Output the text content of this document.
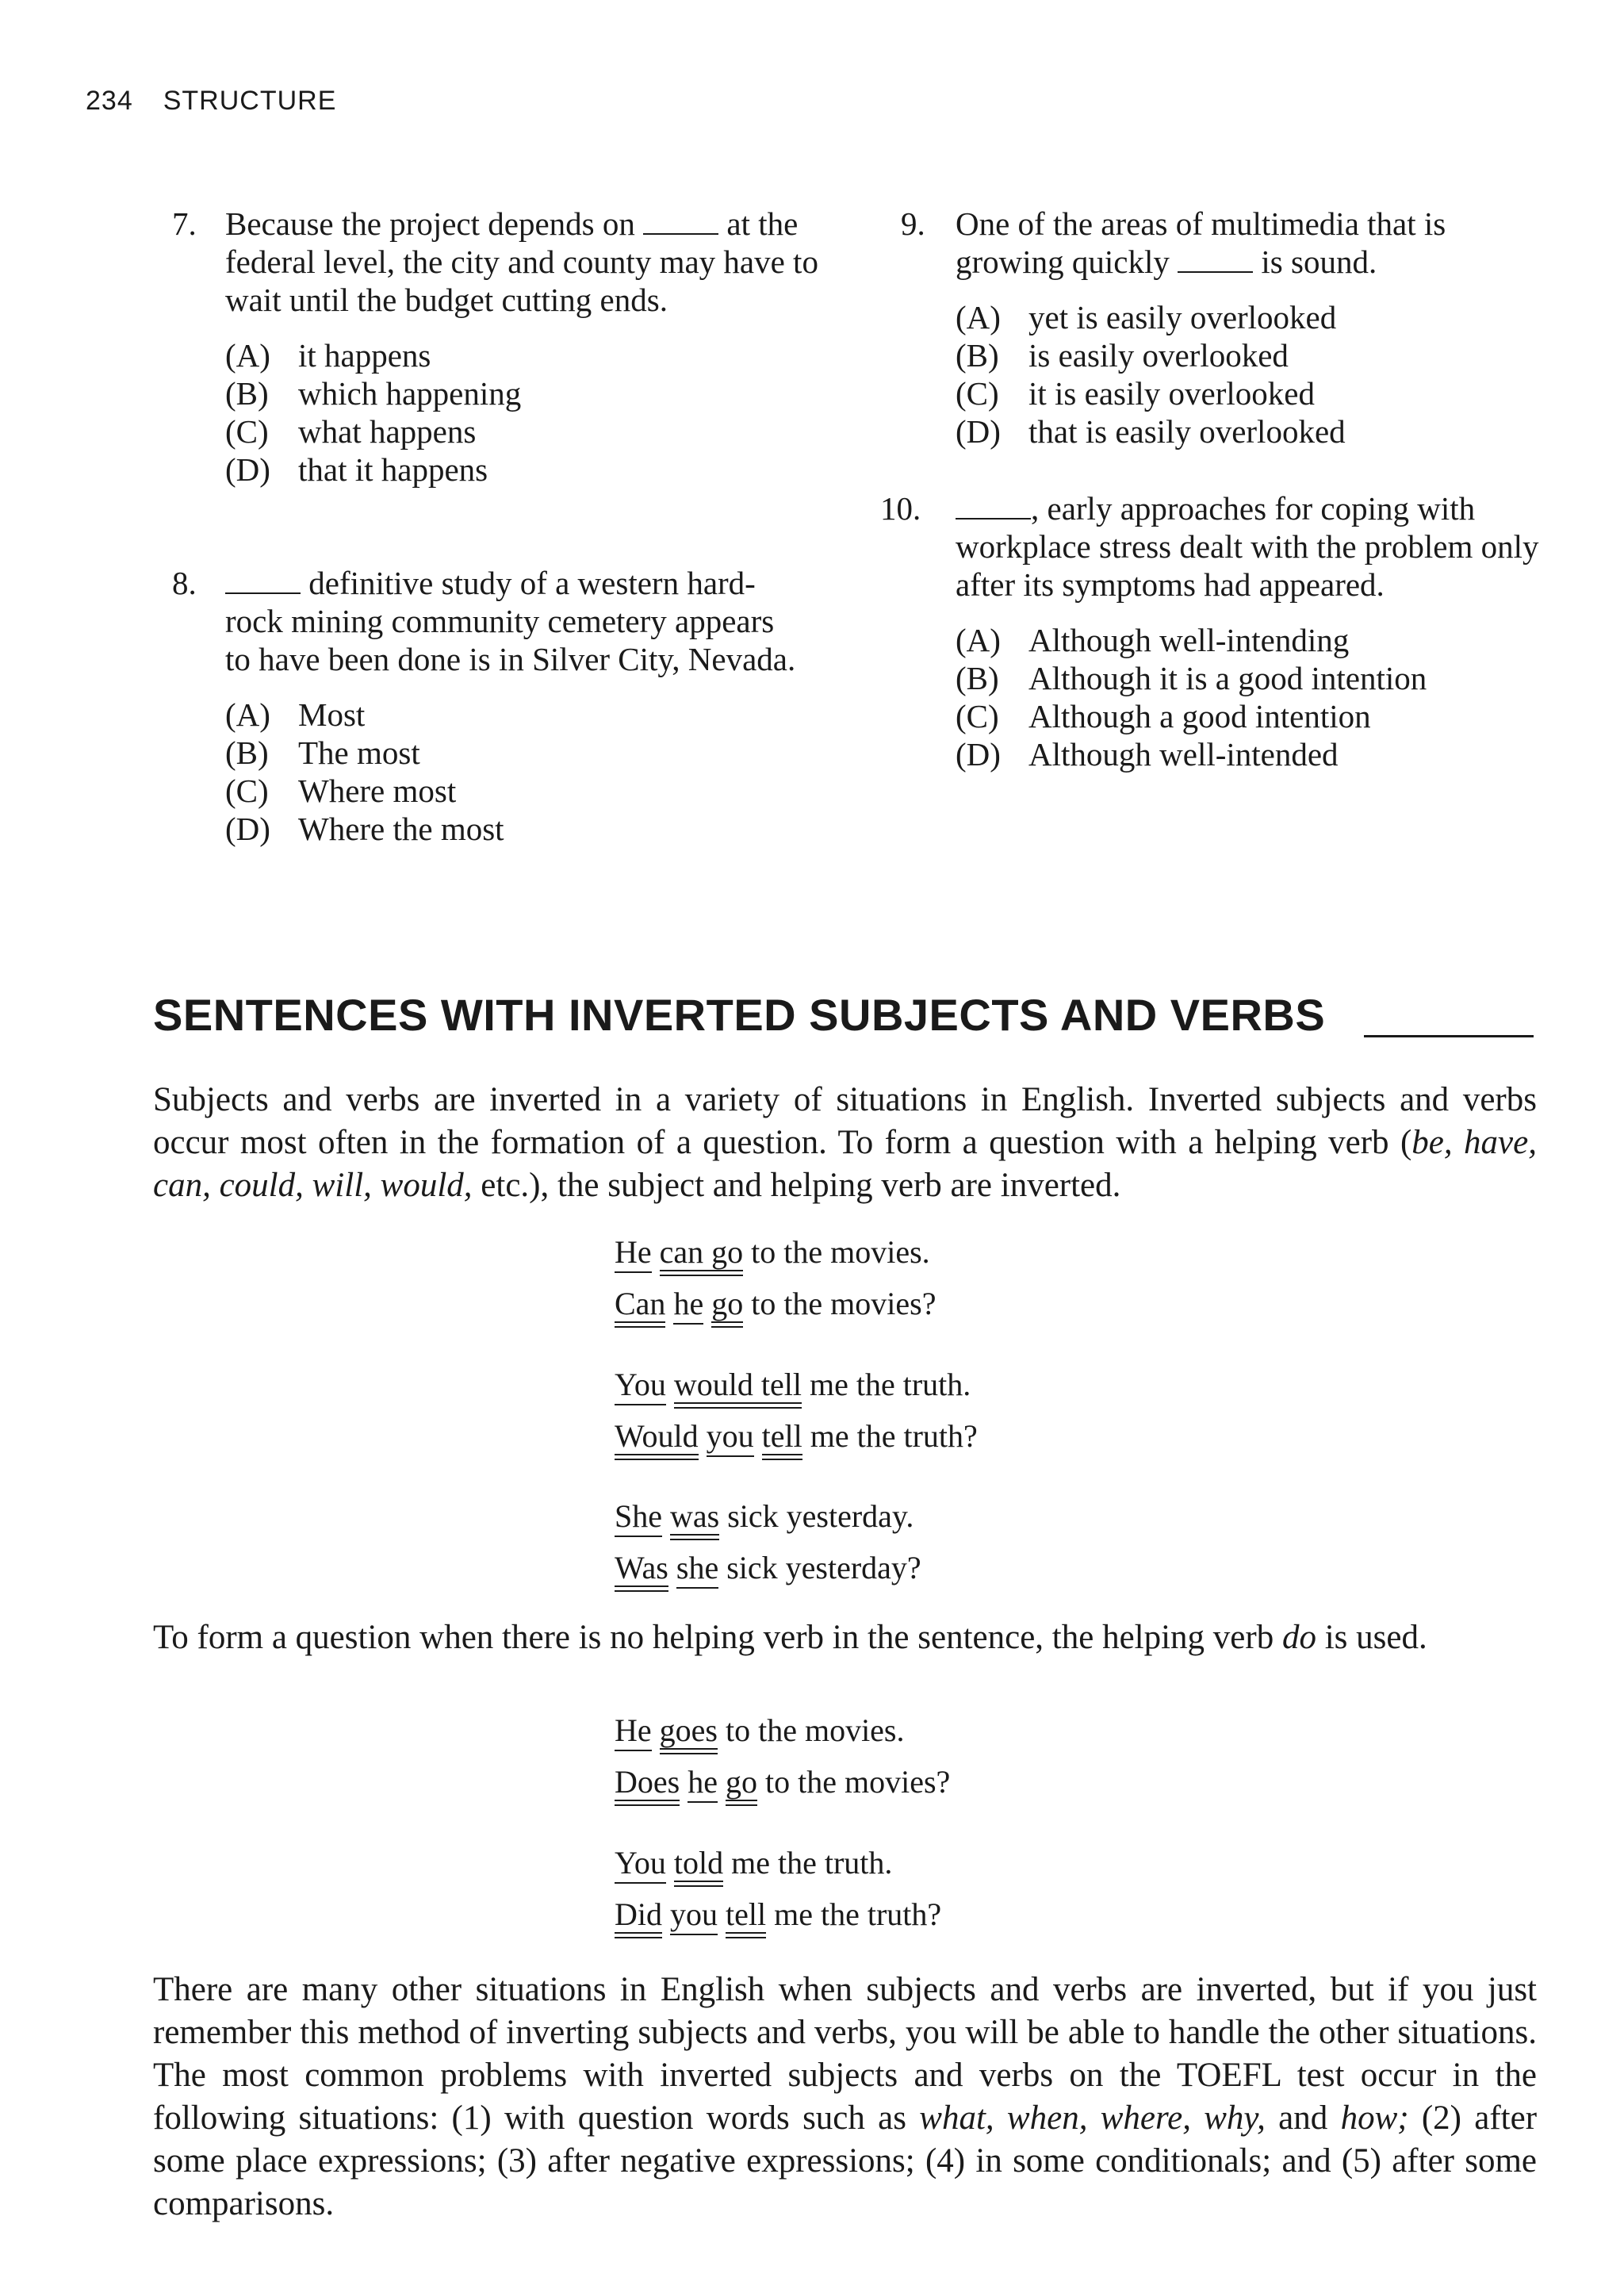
234 STRUCTURE
7. Because the project depends on	at the federal level, the city and county may have to wait until the budget cutting ends.
(A) it happens
(B) which happening
(C) what happens
(D) that it happens
8.	definitive study of a western hard-rock mining community cemetery appears to have been done is in Silver City, Nevada.
(A) Most
(B) The most
(C) Where most
(D) Where the most
9. One of the areas of multimedia that is growing quickly	is sound.
(A) yet is easily overlooked
(B) is easily overlooked
(C) it is easily overlooked
(D) that is easily overlooked
10.	, early approaches for coping with workplace stress dealt with the problem only after its symptoms had appeared.
(A) Although well-intending
(B) Although it is a good intention
(C) Although a good intention
(D) Although well-intended
SENTENCES WITH INVERTED SUBJECTS AND VERBS
Subjects and verbs are inverted in a variety of situations in English. Inverted subjects and verbs occur most often in the formation of a question. To form a question with a helping verb (be, have, can, could, will, would, etc.), the subject and helping verb are inverted.
He can go to the movies.
Can he go to the movies?
You would tell me the truth.
Would you tell me the truth?
She was sick yesterday.
Was she sick yesterday?
To form a question when there is no helping verb in the sentence, the helping verb do is used.
He goes to the movies.
Does he go to the movies?
You told me the truth.
Did you tell me the truth?
There are many other situations in English when subjects and verbs are inverted, but if you just remember this method of inverting subjects and verbs, you will be able to handle the other situations. The most common problems with inverted subjects and verbs on the TOEFL test occur in the following situations: (1) with question words such as what, when, where, why, and how; (2) after some place expressions; (3) after negative expressions; (4) in some conditionals; and (5) after some comparisons.
